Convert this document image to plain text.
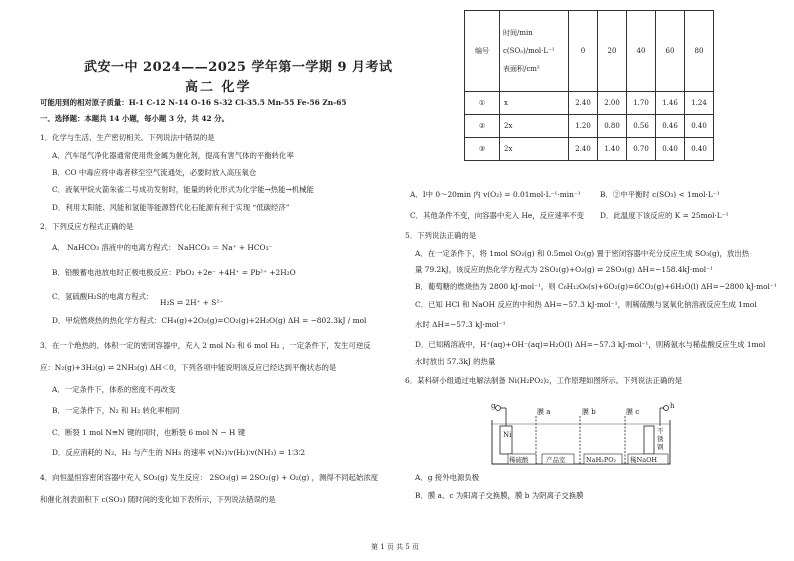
武安一中 2024——2025 学年第一学期 9 月考试
高二 化学
可能用到的相对原子质量：H-1 C-12 N-14 O-16 S-32 Cl-35.5 Mn-55 Fe-56 Zn-65
一、选择题：本题共 14 小题，每小题 3 分，共 42 分。
1．化学与生活、生产密切相关。下列说法中错误的是
A．汽车尾气净化器通常使用贵金属为催化剂，提高有害气体的平衡转化率
B．CO 中毒应将中毒者移至空气流通处，必要时放入高压氧仓
C．液氧甲烷火箭朱雀二号成功发射时，能量的转化形式为化学能→热能→机械能
D．利用太阳能、风能和氢能等能源替代化石能源有利于实现 “低碳经济”
2．下列反应方程式正确的是
A． NaHCO₃ 溶液中的电离方程式： NaHCO₃ ＝ Na⁺ + HCO₃⁻
B．铅酸蓄电池放电时正极电极反应：PbO₂ +2e⁻ +4H⁺ = Pb²⁺ +2H₂O
C．氢硫酸H₂S的电离方程式：
H₂S ⇌ 2H⁺ + S²⁻
D．甲烷燃烧热的热化学方程式：CH₄(g)+2O₂(g)=CO₂(g)+2H₂O(g) ΔH = −802.3kJ / mol
3．在一个绝热的、体积一定的密闭容器中，充入 2 mol N₂ 和 6 mol H₂ ，一定条件下，发生可逆反
应：N₂(g)+3H₂(g) ⇌ 2NH₃(g) ΔH＜0，下列各项中能说明该反应已经达到平衡状态的是
A．一定条件下，体系的密度不再改变
B．一定条件下，N₂ 和 H₂ 转化率相同
C．断裂 1 mol N≡N 键的同时，也断裂 6 mol N − H 键
D．反应消耗的 N₂、H₂ 与产生的 NH₃ 的速率 v(N₂)∶v(H₂)∶v(NH₃) = 1∶3∶2
4．向恒温恒容密闭容器中充入 SO₃(g) 发生反应： 2SO₃(g) ⇌ 2SO₂(g) + O₂(g) ，测得不同起始浓度
和催化剂表面积下 c(SO₃) 随时间的变化如下表所示，下列说法错误的是
编号	时间/min
c(SO₃)/mol·L⁻¹
表面积/cm²	0	20	40	60	80
①	x	2.40	2.00	1.70	1.46	1.24
②	2x	1.20	0.80	0.56	0.46	0.40
③	2x	2.40	1.40	0.70	0.40	0.40
A．Ⅰ中 0～20min 内 v(O₂) = 0.01mol·L⁻¹·min⁻¹	B．②中平衡时 c(SO₃) < 1mol·L⁻¹
C．其他条件不变，向容器中充入 He，反应速率不变 D．此温度下该反应的 K = 25mol·L⁻¹
5．下列说法正确的是
A．在一定条件下，将 1mol SO₂(g) 和 0.5mol O₂(g) 置于密闭容器中充分反应生成 SO₃(g)，放出热
量 79.2kJ，该反应的热化学方程式为 2SO₂(g)+O₂(g) ⇌ 2SO₃(g) ΔH=−158.4kJ·mol⁻¹
B．葡萄糖的燃烧热为 2800 kJ·mol⁻¹，则 C₆H₁₂O₆(s)+6O₂(g)=6CO₂(g)+6H₂O(l) ΔH=−2800 kJ·mol⁻¹
C．已知 HCl 和 NaOH 反应的中和热 ΔH=−57.3 kJ·mol⁻¹，则稀硫酸与氢氧化钠溶液反应生成 1mol
水时 ΔH=−57.3 kJ·mol⁻¹
D．已知稀溶液中，H⁺(aq)+OH⁻(aq)=H₂O(l) ΔH=−57.3 kJ·mol⁻¹，则稀氨水与稀盐酸反应生成 1mol
水时放出 57.3kJ 的热量
6．某科研小组通过电解法制备 Ni(H₂PO₂)₂，工作原理如图所示。下列说法正确的是
g	h
Ni
膜 a	膜 b	膜 c
不
锈
钢
稀硫酸	产品室	NaH₂PO₂ 稀NaOH
A．g 接外电源负极
B．膜 a、c 为阳离子交换膜，膜 b 为阴离子交换膜
第 1 页 共 5 页
